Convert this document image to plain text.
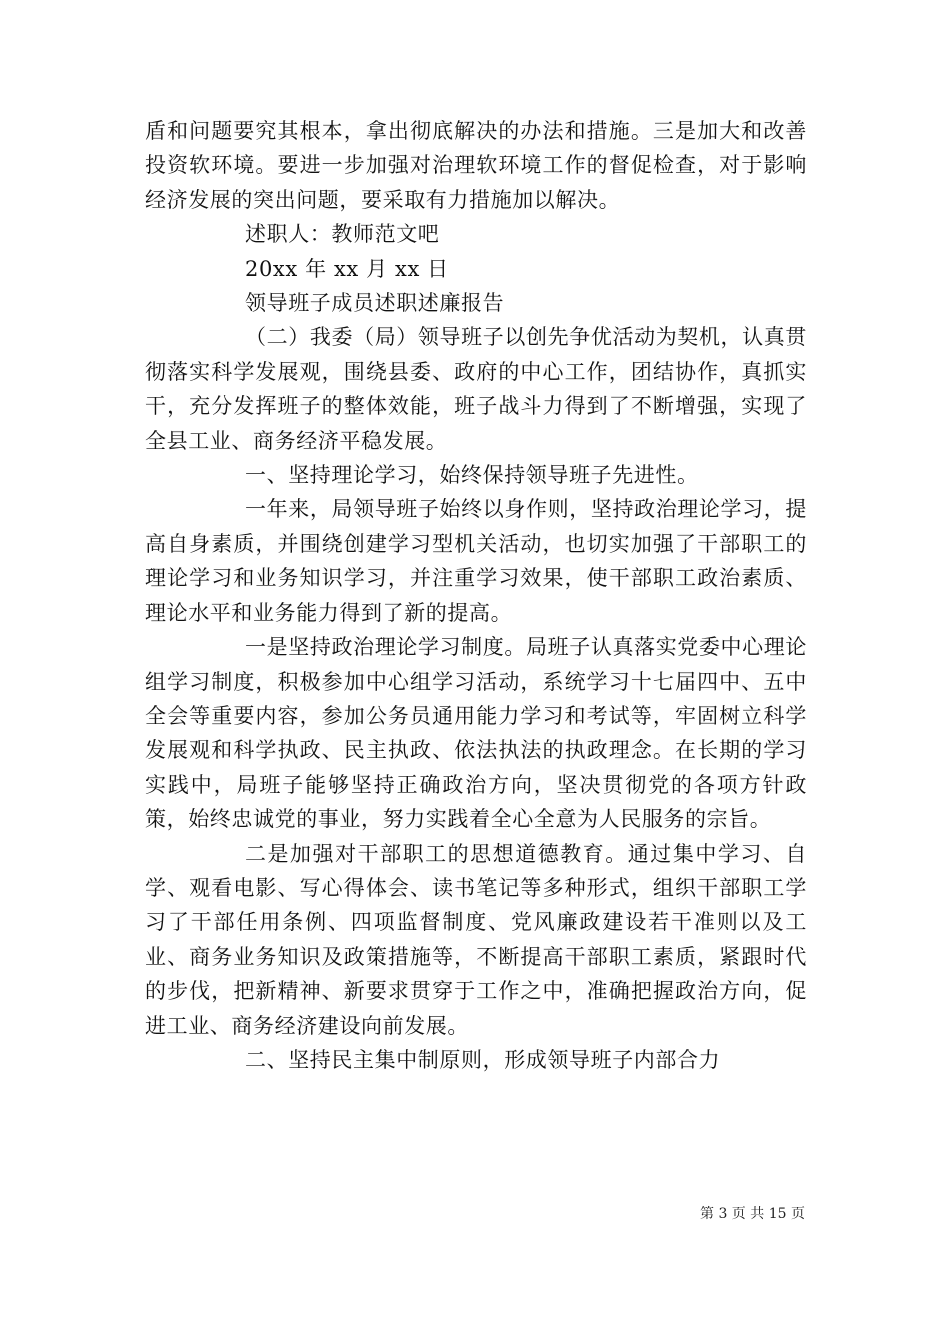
盾和问题要究其根本，拿出彻底解决的办法和措施。三是加大和改善投资软环境。要进一步加强对治理软环境工作的督促检查，对于影响经济发展的突出问题，要采取有力措施加以解决。

述职人：教师范文吧

20xx 年 xx 月 xx 日

领导班子成员述职述廉报告

（二）我委（局）领导班子以创先争优活动为契机，认真贯彻落实科学发展观，围绕县委、政府的中心工作，团结协作，真抓实干，充分发挥班子的整体效能，班子战斗力得到了不断增强，实现了全县工业、商务经济平稳发展。

一、坚持理论学习，始终保持领导班子先进性。

一年来，局领导班子始终以身作则，坚持政治理论学习，提高自身素质，并围绕创建学习型机关活动，也切实加强了干部职工的理论学习和业务知识学习，并注重学习效果，使干部职工政治素质、理论水平和业务能力得到了新的提高。

一是坚持政治理论学习制度。局班子认真落实党委中心理论组学习制度，积极参加中心组学习活动，系统学习十七届四中、五中全会等重要内容，参加公务员通用能力学习和考试等，牢固树立科学发展观和科学执政、民主执政、依法执法的执政理念。在长期的学习实践中，局班子能够坚持正确政治方向，坚决贯彻党的各项方针政策，始终忠诚党的事业，努力实践着全心全意为人民服务的宗旨。

二是加强对干部职工的思想道德教育。通过集中学习、自学、观看电影、写心得体会、读书笔记等多种形式，组织干部职工学习了干部任用条例、四项监督制度、党风廉政建设若干准则以及工业、商务业务知识及政策措施等，不断提高干部职工素质，紧跟时代的步伐，把新精神、新要求贯穿于工作之中，准确把握政治方向，促进工业、商务经济建设向前发展。

二、坚持民主集中制原则，形成领导班子内部合力

第 3 页 共 15 页
